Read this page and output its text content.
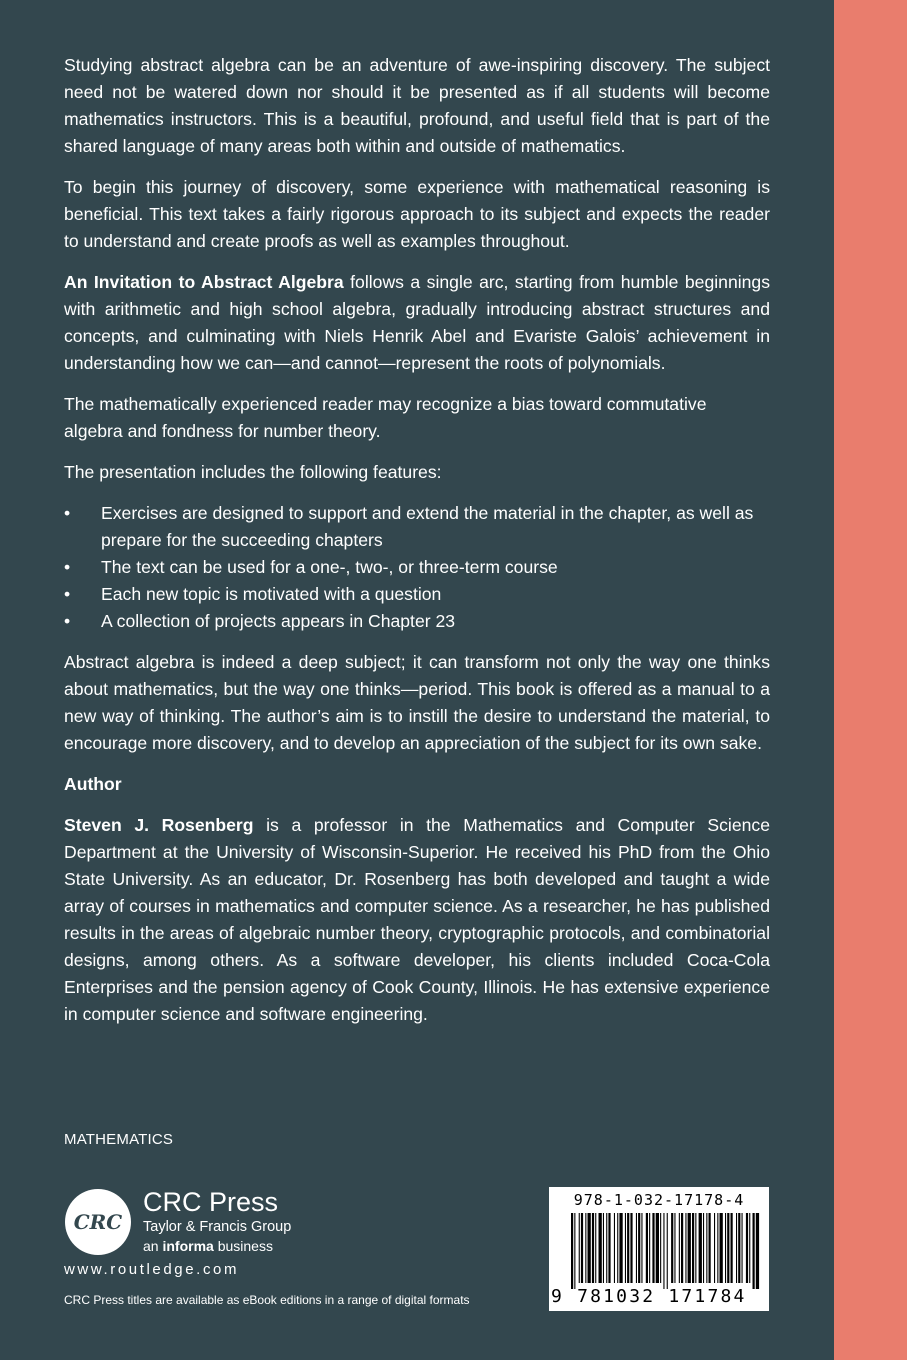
Studying abstract algebra can be an adventure of awe-inspiring discovery. The subject need not be watered down nor should it be presented as if all students will become mathematics instructors. This is a beautiful, profound, and useful field that is part of the shared language of many areas both within and outside of mathematics.

To begin this journey of discovery, some experience with mathematical reasoning is beneficial. This text takes a fairly rigorous approach to its subject and expects the reader to understand and create proofs as well as examples throughout.

An Invitation to Abstract Algebra follows a single arc, starting from humble beginnings with arithmetic and high school algebra, gradually introducing abstract structures and concepts, and culminating with Niels Henrik Abel and Evariste Galois’ achievement in understanding how we can—and cannot—represent the roots of polynomials.

The mathematically experienced reader may recognize a bias toward commutative algebra and fondness for number theory.

The presentation includes the following features:

• Exercises are designed to support and extend the material in the chapter, as well as prepare for the succeeding chapters
• The text can be used for a one-, two-, or three-term course
• Each new topic is motivated with a question
• A collection of projects appears in Chapter 23

Abstract algebra is indeed a deep subject; it can transform not only the way one thinks about mathematics, but the way one thinks—period. This book is offered as a manual to a new way of thinking. The author’s aim is to instill the desire to understand the material, to encourage more discovery, and to develop an appreciation of the subject for its own sake.

Author

Steven J. Rosenberg is a professor in the Mathematics and Computer Science Department at the University of Wisconsin-Superior. He received his PhD from the Ohio State University. As an educator, Dr. Rosenberg has both developed and taught a wide array of courses in mathematics and computer science. As a researcher, he has published results in the areas of algebraic number theory, cryptographic protocols, and combinatorial designs, among others. As a software developer, his clients included Coca-Cola Enterprises and the pension agency of Cook County, Illinois. He has extensive experience in computer science and software engineering.

MATHEMATICS
CRC
CRC Press
Taylor & Francis Group
an informa business
www.routledge.com
CRC Press titles are available as eBook editions in a range of digital formats
978-1-032-17178-4
9 781032 171784
